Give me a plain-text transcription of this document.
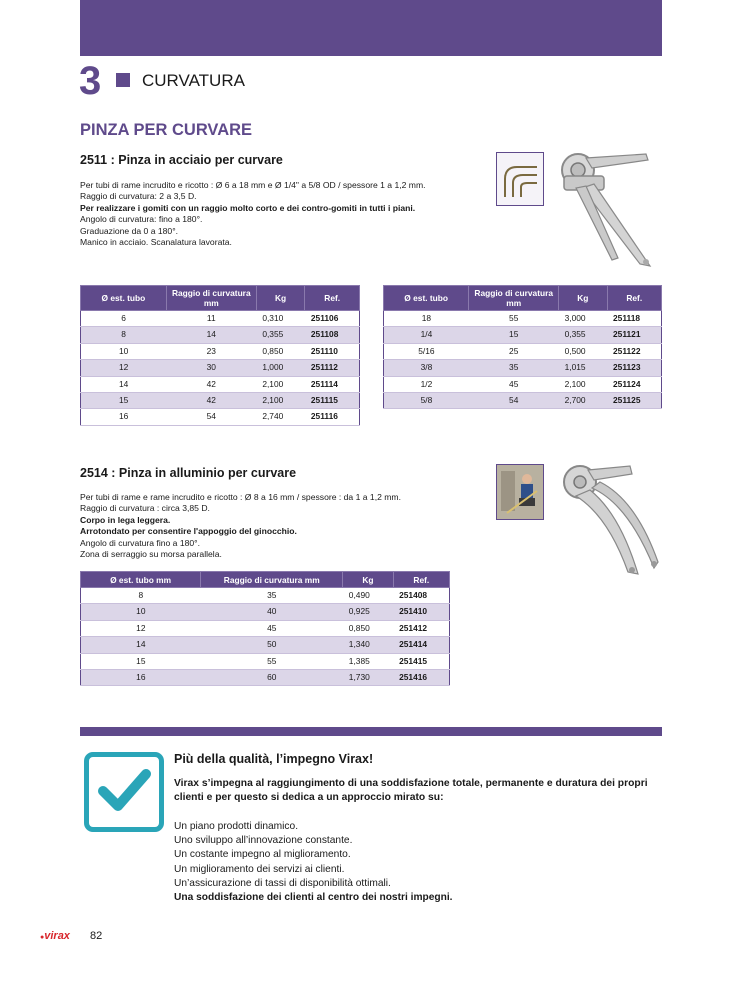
3 CURVATURA
PINZA PER CURVARE
2511 : Pinza in acciaio per curvare
Per tubi di rame incrudito e ricotto : Ø 6 a 18 mm e Ø 1/4" a 5/8 OD / spessore 1 a 1,2 mm.
Raggio di curvatura: 2 a 3,5 D.
Per realizzare i gomiti con un raggio molto corto e dei contro-gomiti in tutti i piani.
Angolo di curvatura: fino a 180°.
Graduazione da 0 a 180°.
Manico in acciaio. Scanalatura lavorata.
Ø est. tubo	Raggio di curvatura mm	Kg	Ref.
6	11	0,310	251106
8	14	0,355	251108
10	23	0,850	251110
12	30	1,000	251112
14	42	2,100	251114
15	42	2,100	251115
16	54	2,740	251116
Ø est. tubo	Raggio di curvatura mm	Kg	Ref.
18	55	3,000	251118
1/4	15	0,355	251121
5/16	25	0,500	251122
3/8	35	1,015	251123
1/2	45	2,100	251124
5/8	54	2,700	251125
2514 : Pinza in alluminio per curvare
Per tubi di rame e rame incrudito e ricotto : Ø 8 a 16 mm / spessore : da 1 a 1,2 mm.
Raggio di curvatura : circa 3,85 D.
Corpo in lega leggera.
Arrotondato per consentire l'appoggio del ginocchio.
Angolo di curvatura fino a 180°.
Zona di serraggio su morsa parallela.
Ø est. tubo mm	Raggio di curvatura mm	Kg	Ref.
8	35	0,490	251408
10	40	0,925	251410
12	45	0,850	251412
14	50	1,340	251414
15	55	1,385	251415
16	60	1,730	251416
Più della qualità, l’impegno Virax!
Virax s’impegna al raggiungimento di una soddisfazione totale, permanente e duratura dei propri clienti e per questo si dedica a un approccio mirato su:
Un piano prodotti dinamico.
Uno sviluppo all’innovazione constante.
Un costante impegno al miglioramento.
Un miglioramento dei servizi ai clienti.
Un’assicurazione di tassi di disponibilità ottimali.
Una soddisfazione dei clienti al centro dei nostri impegni.
●virax 82
